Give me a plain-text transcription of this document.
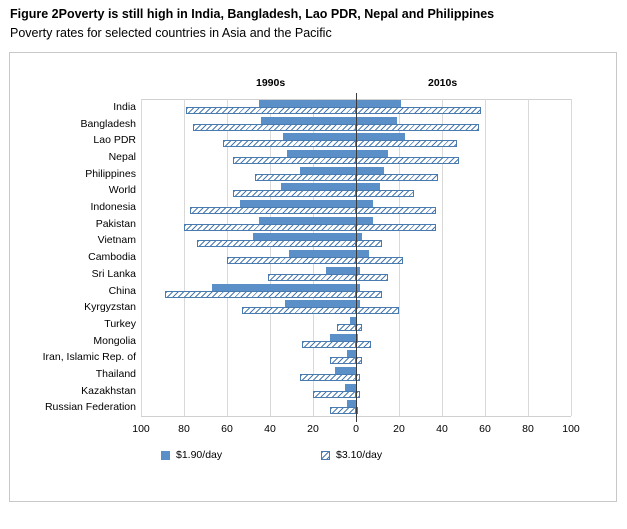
Figure 2Poverty is still high in India, Bangladesh, Lao PDR, Nepal and Philippines
Poverty rates for selected countries in Asia and the Pacific
1990s	2010s
India
Bangladesh
Lao PDR
Nepal
Philippines
World
Indonesia
Pakistan
Vietnam
Cambodia
Sri Lanka
China
Kyrgyzstan
Turkey
Mongolia
Iran, Islamic Rep. of
Thailand
Kazakhstan
Russian Federation
100	80	60	40	20	0	20	40	60	80	100
$1.90/day	$3.10/day
